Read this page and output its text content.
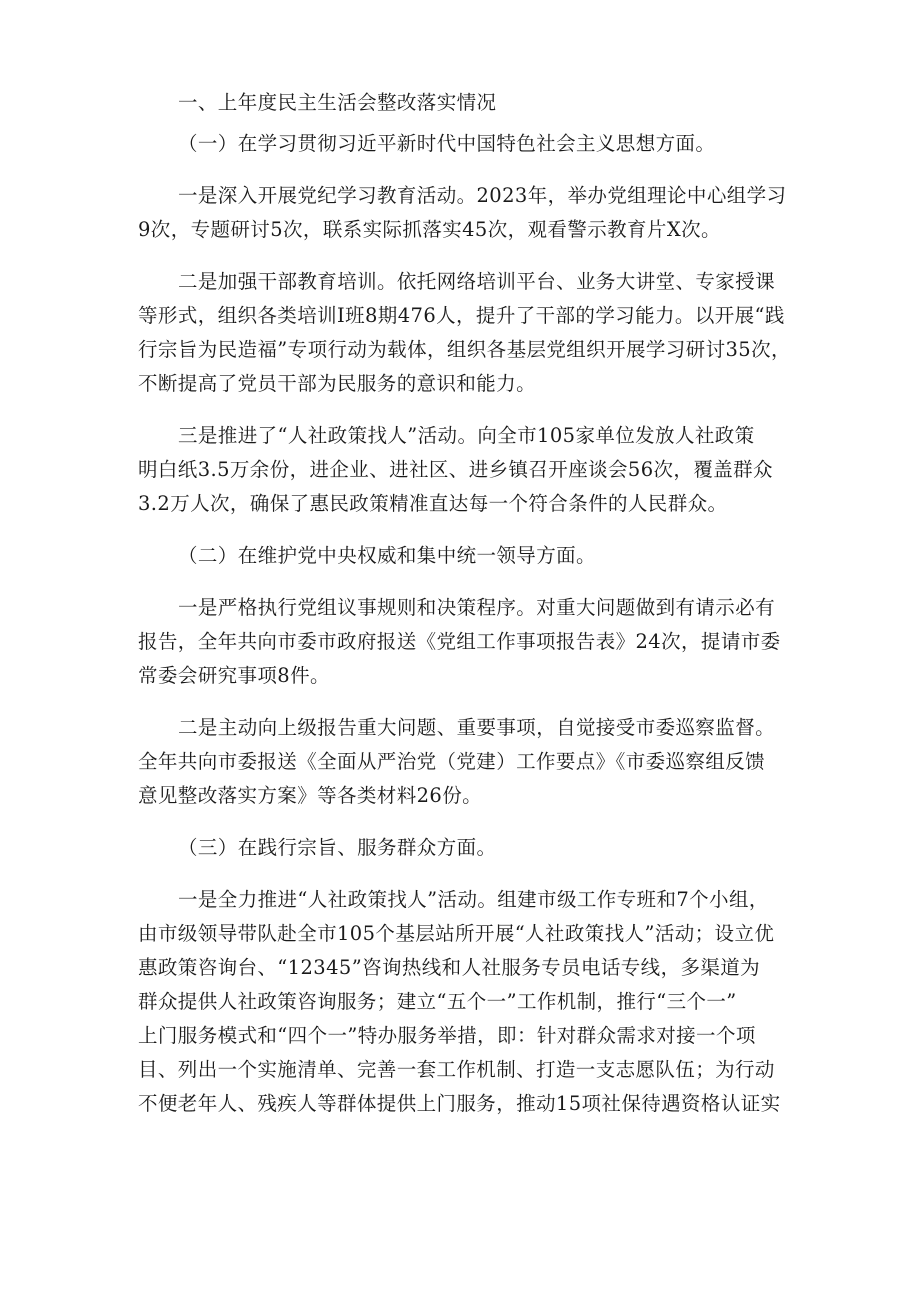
一、上年度民主生活会整改落实情况
（一）在学习贯彻习近平新时代中国特色社会主义思想方面。
一是深入开展党纪学习教育活动。2023年，举办党组理论中心组学习
9次，专题研讨5次，联系实际抓落实45次，观看警示教育片X次。
二是加强干部教育培训。依托网络培训平台、业务大讲堂、专家授课
等形式，组织各类培训I班8期476人，提升了干部的学习能力。以开展“践
行宗旨为民造福”专项行动为载体，组织各基层党组织开展学习研讨35次，
不断提高了党员干部为民服务的意识和能力。
三是推进了“人社政策找人”活动。向全市105家单位发放人社政策
明白纸3.5万余份，进企业、进社区、进乡镇召开座谈会56次，覆盖群众
3.2万人次，确保了惠民政策精准直达每一个符合条件的人民群众。
（二）在维护党中央权威和集中统一领导方面。
一是严格执行党组议事规则和决策程序。对重大问题做到有请示必有
报告，全年共向市委市政府报送《党组工作事项报告表》24次，提请市委
常委会研究事项8件。
二是主动向上级报告重大问题、重要事项，自觉接受市委巡察监督。
全年共向市委报送《全面从严治党（党建）工作要点》《市委巡察组反馈
意见整改落实方案》等各类材料26份。
（三）在践行宗旨、服务群众方面。
一是全力推进“人社政策找人”活动。组建市级工作专班和7个小组，
由市级领导带队赴全市105个基层站所开展“人社政策找人”活动；设立优
惠政策咨询台、“12345”咨询热线和人社服务专员电话专线，多渠道为
群众提供人社政策咨询服务；建立“五个一”工作机制，推行“三个一”
上门服务模式和“四个一”特办服务举措，即：针对群众需求对接一个项
目、列出一个实施清单、完善一套工作机制、打造一支志愿队伍；为行动
不便老年人、残疾人等群体提供上门服务，推动15项社保待遇资格认证实
